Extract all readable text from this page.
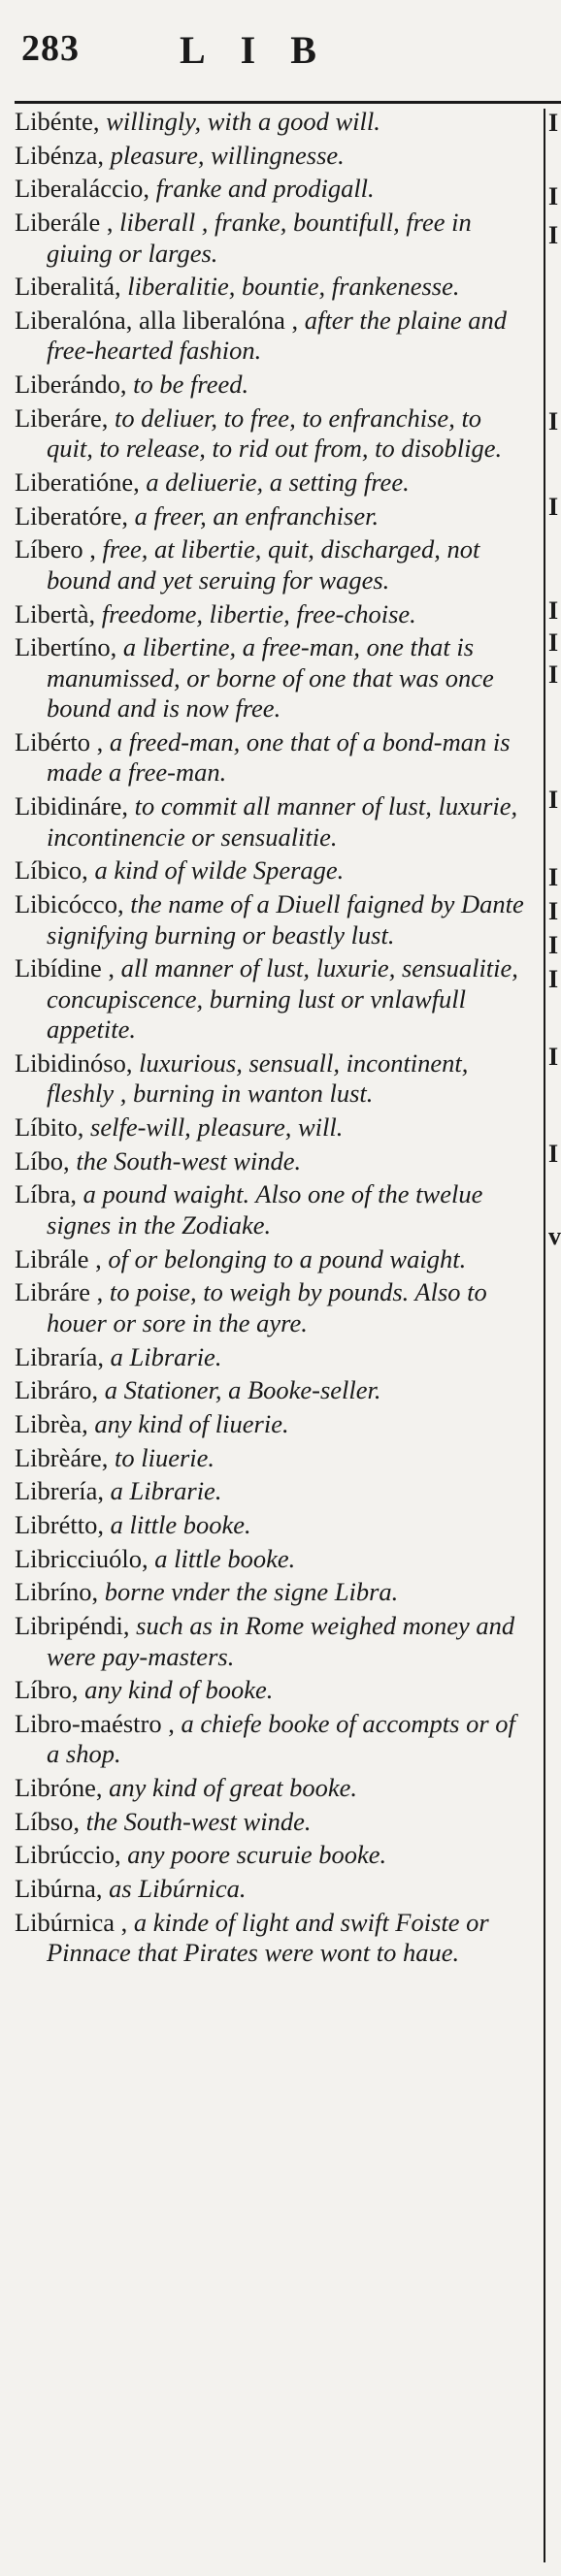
283	LIB
Libénte, willingly, with a good will.
Libénza, pleasure, willingnesse.
Liberaláccio, franke and prodigall.
Liberále , liberall , franke, bountifull, free in giuing or larges.
Liberalitá, liberalitie, bountie, frankenesse.
Liberalóna, alla liberalóna , after the plaine and free-hearted fashion.
Liberándo, to be freed.
Liberáre, to deliuer, to free, to enfranchise, to quit, to release, to rid out from, to disoblige.
Liberatióne, a deliuerie, a setting free.
Liberatóre, a freer, an enfranchiser.
Líbero , free, at libertie, quit, discharged, not bound and yet seruing for wages.
Libertà, freedome, libertie, free-choise.
Libertíno, a libertine, a free-man, one that is manumissed, or borne of one that was once bound and is now free.
Libérto , a freed-man, one that of a bond-man is made a free-man.
Libidináre, to commit all manner of lust, luxurie, incontinencie or sensualitie.
Líbico, a kind of wilde Sperage.
Libicócco, the name of a Diuell faigned by Dante signifying burning or beastly lust.
Libídine , all manner of lust, luxurie, sensualitie, concupiscence, burning lust or vnlawfull appetite.
Libidinóso, luxurious, sensuall, incontinent, fleshly , burning in wanton lust.
Líbito, selfe-will, pleasure, will.
Líbo, the South-west winde.
Líbra, a pound waight. Also one of the twelue signes in the Zodiake.
Librále , of or belonging to a pound waight.
Libráre , to poise, to weigh by pounds. Also to houer or sore in the ayre.
Libraría, a Librarie.
Libráro, a Stationer, a Booke-seller.
Librèa, any kind of liuerie.
Librèáre, to liuerie.
Librería, a Librarie.
Librétto, a little booke.
Libricciuólo, a little booke.
Libríno, borne vnder the signe Libra.
Libripéndi, such as in Rome weighed money and were pay-masters.
Líbro, any kind of booke.
Libro-maéstro , a chiefe booke of accompts or of a shop.
Libróne, any kind of great booke.
Líbso, the South-west winde.
Librúccio, any poore scuruie booke.
Libúrna, as Libúrnica.
Libúrnica , a kinde of light and swift Foiste or Pinnace that Pirates were wont to haue.
I
I
I
I
I
I
I
I
I
I
I
I
I
I
I
v
